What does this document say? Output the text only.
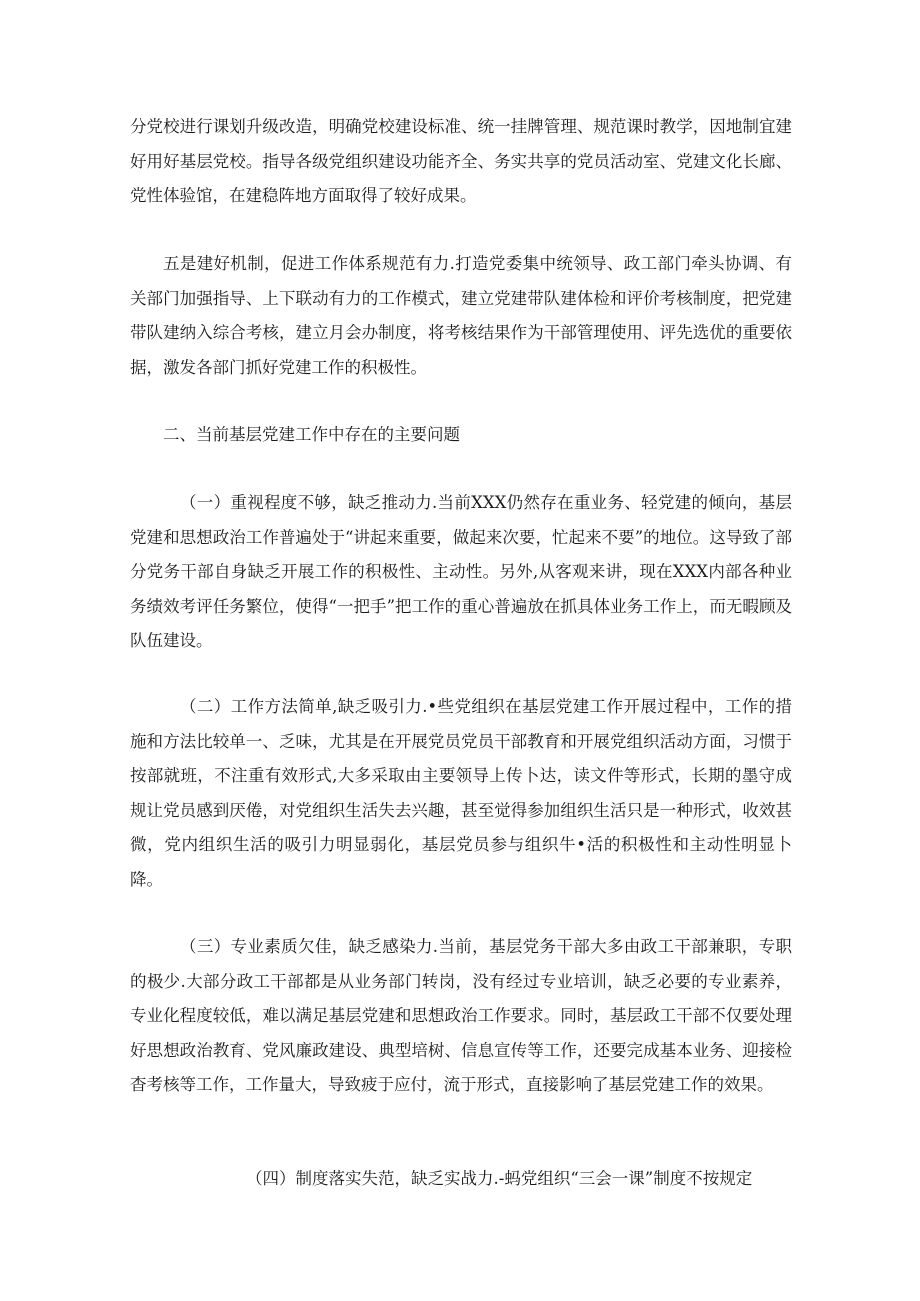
分党校进行课划升级改造，明确党校建设标准、统一挂牌管理、规范课时教学，因地制宜建好用好基层党校。指导各级党组织建设功能齐全、务实共享的党员活动室、党建文化长廊、党性体验馆，在建稳阵地方面取得了较好成果。

五是建好机制，促进工作体系规范有力.打造党委集中统领导、政工部门牵头协调、有关部门加强指导、上下联动有力的工作模式，建立党建带队建体检和评价考核制度，把党建带队建纳入综合考核，建立月会办制度，将考核结果作为干部管理使用、评先选优的重要依据，激发各部门抓好党建工作的积极性。

二、当前基层党建工作中存在的主要问题

（一）重视程度不够，缺乏推动力.当前XXX仍然存在重业务、轻党建的倾向，基层党建和思想政治工作普遍处于“讲起来重要，做起来次要，忙起来不要”的地位。这导致了部分党务干部自身缺乏开展工作的积极性、主动性。另外,从客观来讲，现在XXX内部各种业务绩效考评任务繁位，使得“一把手”把工作的重心普遍放在抓具体业务工作上，而无暇顾及队伍建设。

（二）工作方法简单,缺乏吸引力.•些党组织在基层党建工作开展过程中，工作的措施和方法比较单一、乏味，尤其是在开展党员党员干部教育和开展党组织活动方面，习惯于按部就班，不注重有效形式,大多采取由主要领导上传卜达，读文件等形式，长期的墨守成规让党员感到厌倦，对党组织生活失去兴趣，甚至觉得参加组织生活只是一种形式，收效甚微，党内组织生活的吸引力明显弱化，基层党员参与组织牛•活的积极性和主动性明显卜降。

（三）专业素质欠佳，缺乏感染力.当前，基层党务干部大多由政工干部兼职，专职的极少.大部分政工干部都是从业务部门转岗，没有经过专业培训，缺乏必要的专业素养，专业化程度较低，难以满足基层党建和思想政治工作要求。同时，基层政工干部不仅要处理好思想政治教育、党风廉政建设、典型培树、信息宣传等工作，还要完成基本业务、迎接检杳考核等工作，工作量大，导致疲于应付，流于形式，直接影响了基层党建工作的效果。

（四）制度落实失范，缺乏实战力.-蚂党组织“三会一课”制度不按规定
